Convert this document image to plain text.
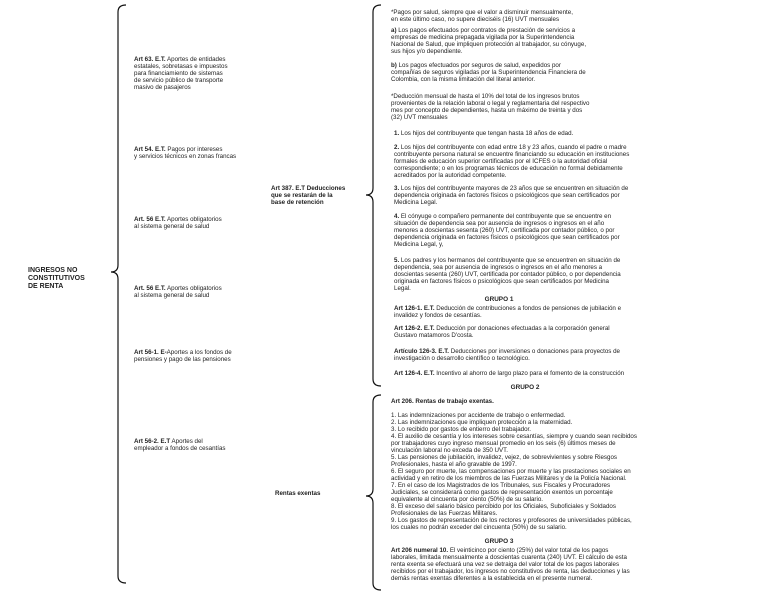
INGRESOS NO
CONSTITUTIVOS
DE RENTA
Art 63. E.T. Aportes de entidades
estatales, sobretasas e impuestos
para financiamiento de sistemas
de servicio público de transporte
masivo de pasajeros
Art 54. E.T. Pagos por intereses
y servicios técnicos en zonas francas
Art. 56 E.T. Aportes obligatorios
al sistema general de salud
Art. 56 E.T. Aportes obligatorios
al sistema general de salud
Art 56-1. E-Aportes a los fondos de
pensiones y pago de las pensiones
Art 56-2. E.T Aportes del
empleador a fondos de cesantías
Art 387. E.T Deducciones
que se restarán de la
base de retención
Rentas exentas
*Pagos por salud, siempre que el valor a disminuir mensualmente,
en este último caso, no supere dieciséis (16) UVT mensuales
a) Los pagos efectuados por contratos de prestación de servicios a
empresas de medicina prepagada vigilada por la Superintendencia
Nacional de Salud, que impliquen protección al trabajador, su cónyuge,
sus hijos y/o dependiente.
b) Los pagos efectuados por seguros de salud, expedidos por
compañías de seguros vigiladas por la Superintendencia Financiera de
Colombia, con la misma limitación del literal anterior.
*Deducción mensual de hasta el 10% del total de los ingresos brutos
provenientes de la relación laboral o legal y reglamentaria del respectivo
mes por concepto de dependientes, hasta un máximo de treinta y dos
(32) UVT mensuales
1. Los hijos del contribuyente que tengan hasta 18 años de edad.
2. Los hijos del contribuyente con edad entre 18 y 23 años, cuando el padre o madre
contribuyente persona natural se encuentre financiando su educación en instituciones
formales de educación superior certificadas por el ICFES o la autoridad oficial
correspondiente; o en los programas técnicos de educación no formal debidamente
acreditados por la autoridad competente.
3. Los hijos del contribuyente mayores de 23 años que se encuentren en situación de
dependencia originada en factores físicos o psicológicos que sean certificados por
Medicina Legal.
4. El cónyuge o compañero permanente del contribuyente que se encuentre en
situación de dependencia sea por ausencia de ingresos o ingresos en el año
menores a doscientas sesenta (260) UVT, certificada por contador público, o por
dependencia originada en factores físicos o psicológicos que sean certificados por
Medicina Legal, y,
5. Los padres y los hermanos del contribuyente que se encuentren en situación de
dependencia, sea por ausencia de ingresos o ingresos en el año menores a
doscientas sesenta (260) UVT, certificada por contador público, o por dependencia
originada en factores físicos o psicológicos que sean certificados por Medicina
Legal.
GRUPO 1
Art 126-1. E.T. Deducción de contribuciones a fondos de pensiones de jubilación e
invalidez y fondos de cesantías.
Art 126-2. E.T. Deducción por donaciones efectuadas a la corporación general
Gustavo matamoros D'costa.
Artículo 126-3. E.T. Deducciones por inversiones o donaciones para proyectos de
investigación o desarrollo científico o tecnológico.
Art 126-4. E.T. Incentivo al ahorro de largo plazo para el fomento de la construcción
GRUPO 2
Art 206. Rentas de trabajo exentas.
1. Las indemnizaciones por accidente de trabajo o enfermedad.
2. Las indemnizaciones que impliquen protección a la maternidad.
3. Lo recibido por gastos de entierro del trabajador.
4. El auxilio de cesantía y los intereses sobre cesantías, siempre y cuando sean recibidos
por trabajadores cuyo ingreso mensual promedio en los seis (6) últimos meses de
vinculación laboral no exceda de 350 UVT.
5. Las pensiones de jubilación, invalidez, vejez, de sobrevivientes y sobre Riesgos
Profesionales, hasta el año gravable de 1997.
6. El seguro por muerte, las compensaciones por muerte y las prestaciones sociales en
actividad y en retiro de los miembros de las Fuerzas Militares y de la Policía Nacional.
7. En el caso de los Magistrados de los Tribunales, sus Fiscales y Procuradores
Judiciales, se considerará como gastos de representación exentos un porcentaje
equivalente al cincuenta por ciento (50%) de su salario.
8. El exceso del salario básico percibido por los Oficiales, Suboficiales y Soldados
Profesionales de las Fuerzas Militares.
9. Los gastos de representación de los rectores y profesores de universidades públicas,
los cuales no podrán exceder del cincuenta (50%) de su salario.
GRUPO 3
Art 206 numeral 10. El veinticinco por ciento (25%) del valor total de los pagos
laborales, limitada mensualmente a doscientas cuarenta (240) UVT. El cálculo de esta
renta exenta se efectuará una vez se detraiga del valor total de los pagos laborales
recibidos por el trabajador, los ingresos no constitutivos de renta, las deducciones y las
demás rentas exentas diferentes a la establecida en el presente numeral.
